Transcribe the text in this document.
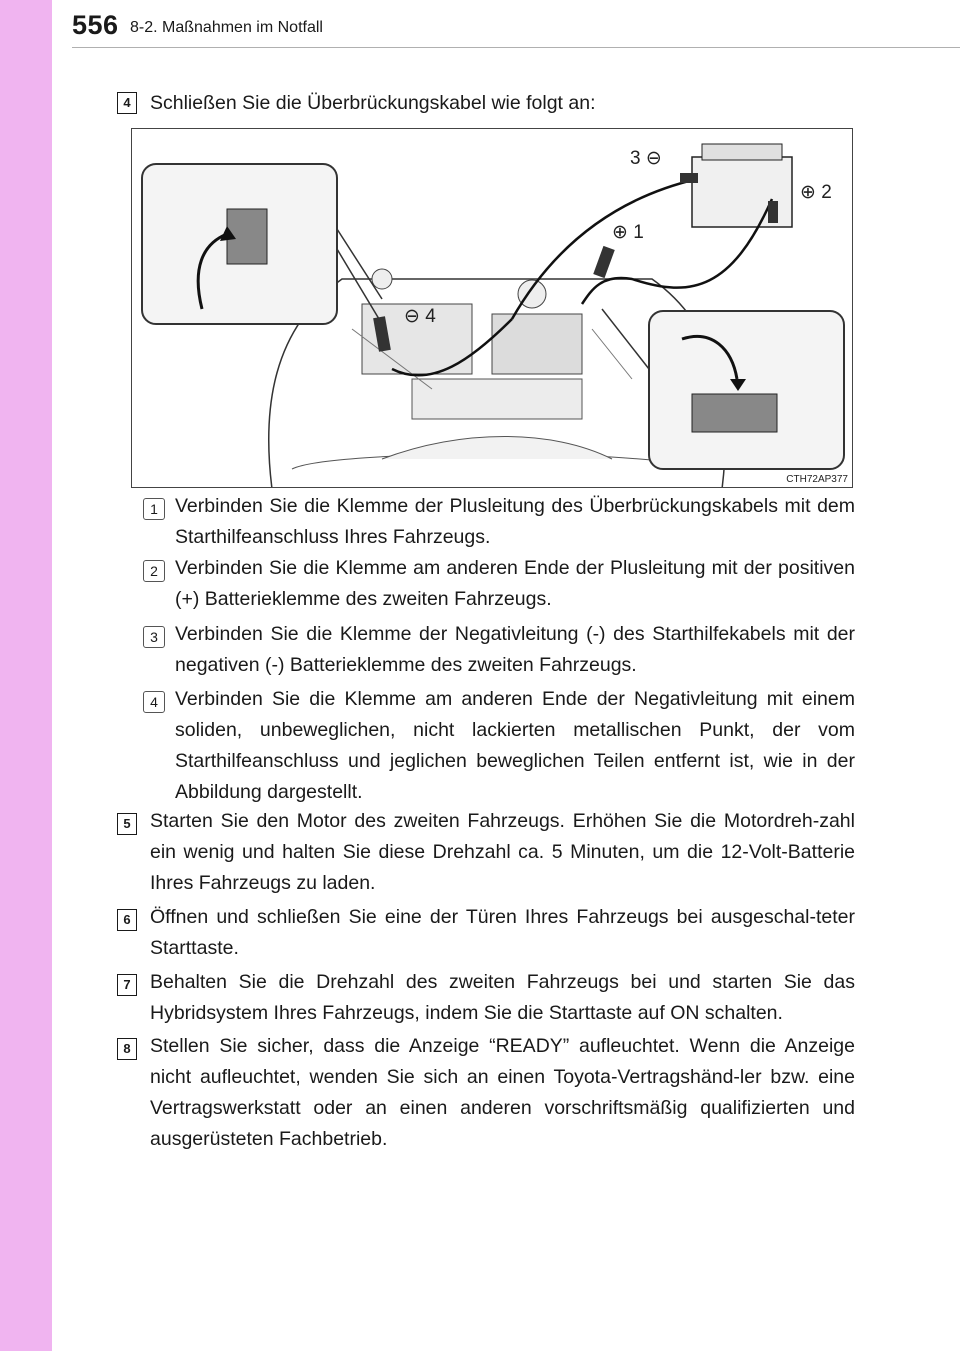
556 8-2. Maßnahmen im Notfall
4 Schließen Sie die Überbrückungskabel wie folgt an:
3 ⊖
⊕ 2
⊕ 1
⊖ 4
CTH72AP377
1 Verbinden Sie die Klemme der Plusleitung des Überbrückungskabels mit dem Starthilfeanschluss Ihres Fahrzeugs.
2 Verbinden Sie die Klemme am anderen Ende der Plusleitung mit der positiven (+) Batterieklemme des zweiten Fahrzeugs.
3 Verbinden Sie die Klemme der Negativleitung (-) des Starthilfekabels mit der negativen (-) Batterieklemme des zweiten Fahrzeugs.
4 Verbinden Sie die Klemme am anderen Ende der Negativleitung mit einem soliden, unbeweglichen, nicht lackierten metallischen Punkt, der vom Starthilfeanschluss und jeglichen beweglichen Teilen entfernt ist, wie in der Abbildung dargestellt.
5 Starten Sie den Motor des zweiten Fahrzeugs. Erhöhen Sie die Motordreh-zahl ein wenig und halten Sie diese Drehzahl ca. 5 Minuten, um die 12-Volt-Batterie Ihres Fahrzeugs zu laden.
6 Öffnen und schließen Sie eine der Türen Ihres Fahrzeugs bei ausgeschal-teter Starttaste.
7 Behalten Sie die Drehzahl des zweiten Fahrzeugs bei und starten Sie das Hybridsystem Ihres Fahrzeugs, indem Sie die Starttaste auf ON schalten.
8 Stellen Sie sicher, dass die Anzeige “READY” aufleuchtet. Wenn die Anzeige nicht aufleuchtet, wenden Sie sich an einen Toyota-Vertragshänd-ler bzw. eine Vertragswerkstatt oder an einen anderen vorschriftsmäßig qualifizierten und ausgerüsteten Fachbetrieb.
